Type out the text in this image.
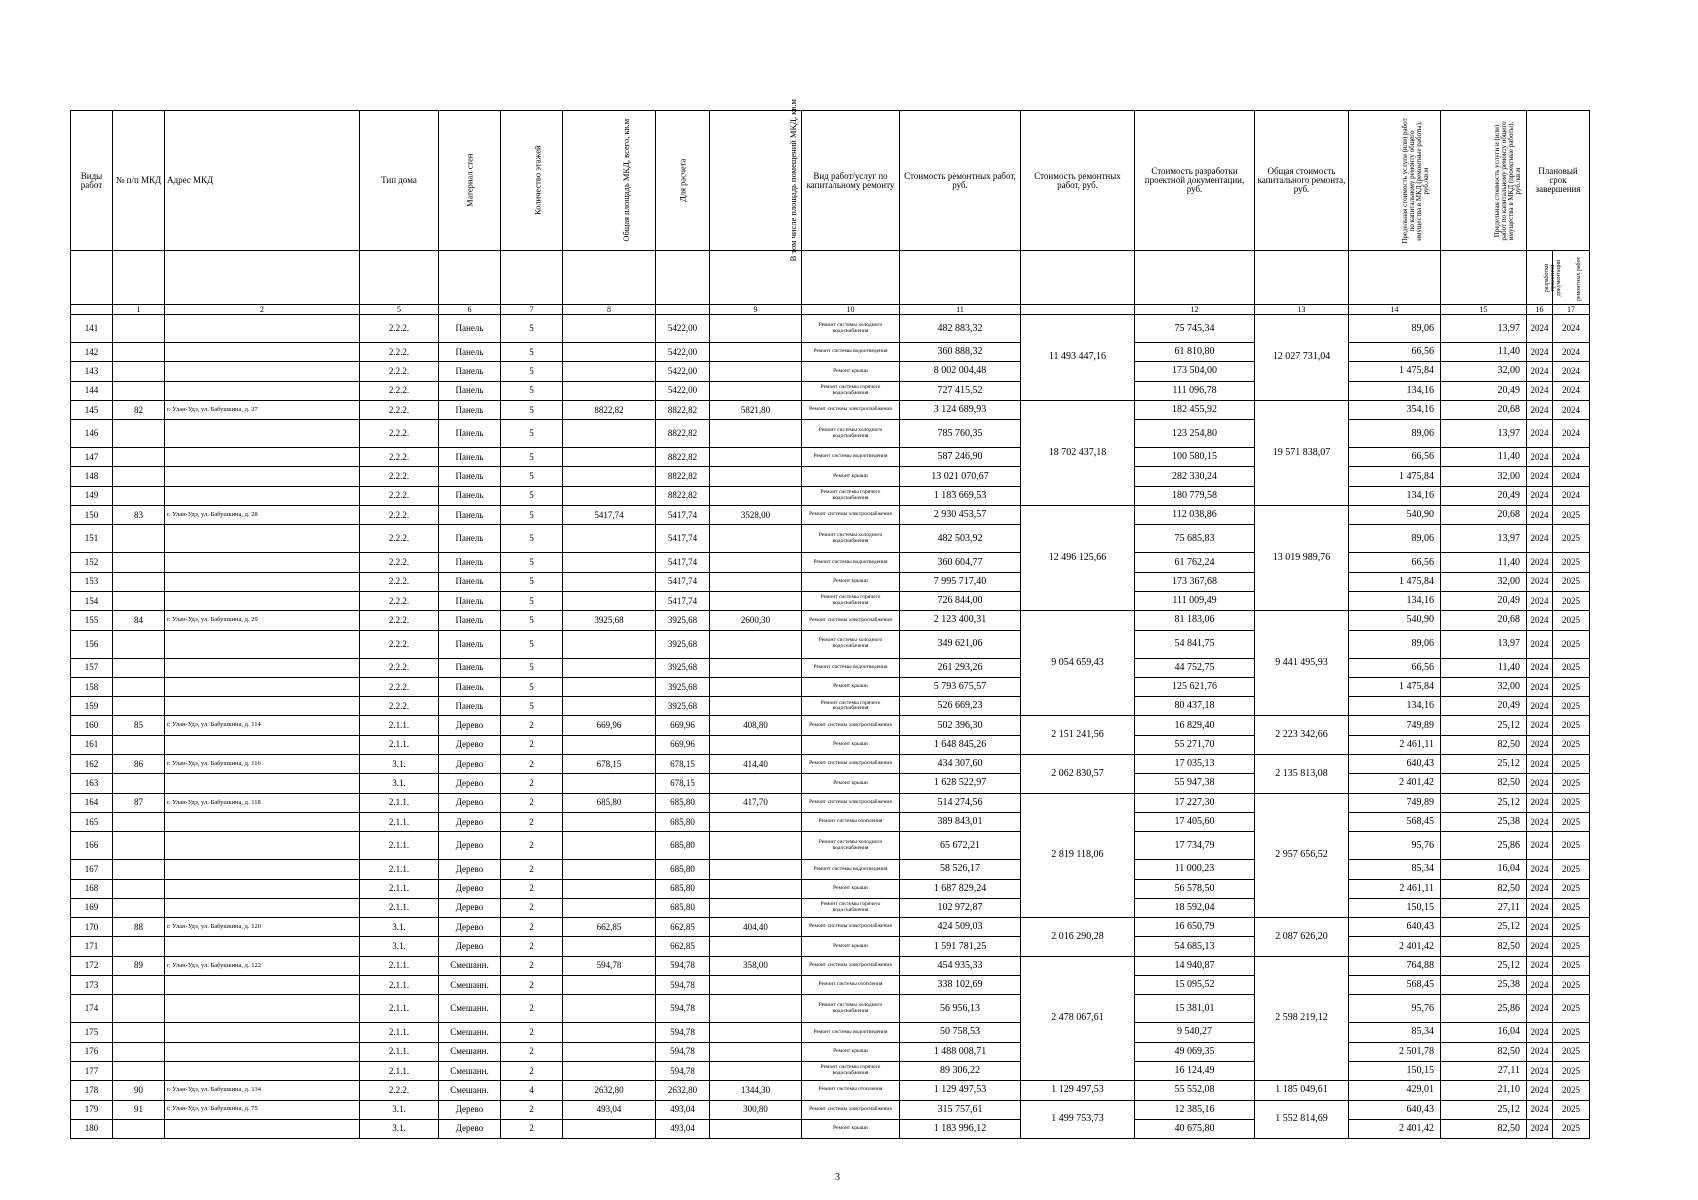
Виды работ	№ п/п МКД	Адрес МКД	Тип дома	Материал стен	Количество этажей	Общая площадь МКД, всего, кв.м	Для расчета	В том числе площадь помещений МКД, кв.м	Вид работ/услуг по капитальному ремонту	Стоимость ремонтных работ, руб.	Стоимость ремонтных работ, руб.	Стоимость разработки проектной документации, руб.	Общая стоимость капитального ремонта, руб.	Предельная стоимость услуги (или) работ по капитальному ремонту общего имущества в МКД (ремонтные работы), руб./кв.м	Предельная стоимость услуги и (или) работ по капитальному ремонту общего имущества в МКД (проектные работы), руб./кв.м	Плановый срок завершения	
																разработки проектной документации	ремонтных работ
	1	2	5	6	7	8		9	10	11		12	13	14	15	16	17
141			2.2.2.	Панель	5		5422,00		Ремонт системы холодного водоснабжения	482 883,32	11 493 447,16	75 745,34	12 027 731,04	89,06	13,97	2024	2024
142			2.2.2.	Панель	5		5422,00		Ремонт системы водоотведения	360 888,32		61 810,80		66,56	11,40	2024	2024
143			2.2.2.	Панель	5		5422,00		Ремонт крыши	8 002 004,48		173 504,00		1 475,84	32,00	2024	2024
144			2.2.2.	Панель	5		5422,00		Ремонт системы горячего водоснабжения	727 415,52		111 096,78		134,16	20,49	2024	2024
145	82	г. Улан-Удэ, ул. Бабушкина, д. 27	2.2.2.	Панель	5	8822,82	8822,82	5821,80	Ремонт системы электроснабжения	3 124 689,93	18 702 437,18	182 455,92	19 571 838,07	354,16	20,68	2024	2024
146			2.2.2.	Панель	5		8822,82		Ремонт системы холодного водоснабжения	785 760,35		123 254,80		89,06	13,97	2024	2024
147			2.2.2.	Панель	5		8822,82		Ремонт системы водоотведения	587 246,90		100 580,15		66,56	11,40	2024	2024
148			2.2.2.	Панель	5		8822,82		Ремонт крыши	13 021 070,67		282 330,24		1 475,84	32,00	2024	2024
149			2.2.2.	Панель	5		8822,82		Ремонт системы горячего водоснабжения	1 183 669,53		180 779,58		134,16	20,49	2024	2024
150	83	г. Улан-Удэ, ул. Бабушкина, д. 28	2.2.2.	Панель	5	5417,74	5417,74	3528,00	Ремонт системы электроснабжения	2 930 453,57	12 496 125,66	112 038,86	13 019 989,76	540,90	20,68	2024	2025
151			2.2.2.	Панель	5		5417,74		Ремонт системы холодного водоснабжения	482 503,92		75 685,83		89,06	13,97	2024	2025
152			2.2.2.	Панель	5		5417,74		Ремонт системы водоотведения	360 604,77		61 762,24		66,56	11,40	2024	2025
153			2.2.2.	Панель	5		5417,74		Ремонт крыши	7 995 717,40		173 367,68		1 475,84	32,00	2024	2025
154			2.2.2.	Панель	5		5417,74		Ремонт системы горячего водоснабжения	726 844,00		111 009,49		134,16	20,49	2024	2025
155	84	г. Улан-Удэ, ул. Бабушкина, д. 29	2.2.2.	Панель	5	3925,68	3925,68	2600,30	Ремонт системы электроснабжения	2 123 400,31	9 054 659,43	81 183,06	9 441 495,93	540,90	20,68	2024	2025
156			2.2.2.	Панель	5		3925,68		Ремонт системы холодного водоснабжения	349 621,06		54 841,75		89,06	13,97	2024	2025
157			2.2.2.	Панель	5		3925,68		Ремонт системы водоотведения	261 293,26		44 752,75		66,56	11,40	2024	2025
158			2.2.2.	Панель	5		3925,68		Ремонт крыши	5 793 675,57		125 621,76		1 475,84	32,00	2024	2025
159			2.2.2.	Панель	5		3925,68		Ремонт системы горячего водоснабжения	526 669,23		80 437,18		134,16	20,49	2024	2025
160	85	г. Улан-Удэ, ул. Бабушкина, д. 114	2.1.1.	Дерево	2	669,96	669,96	408,80	Ремонт системы электроснабжения	502 396,30	2 151 241,56	16 829,40	2 223 342,66	749,89	25,12	2024	2025
161			2.1.1.	Дерево	2		669,96		Ремонт крыши	1 648 845,26		55 271,70		2 461,11	82,50	2024	2025
162	86	г. Улан-Удэ, ул. Бабушкина, д. 116	3.1.	Дерево	2	678,15	678,15	414,40	Ремонт системы электроснабжения	434 307,60	2 062 830,57	17 035,13	2 135 813,08	640,43	25,12	2024	2025
163			3.1.	Дерево	2		678,15		Ремонт крыши	1 628 522,97		55 947,38		2 401,42	82,50	2024	2025
164	87	г. Улан-Удэ, ул. Бабушкина, д. 118	2.1.1.	Дерево	2	685,80	685,80	417,70	Ремонт системы электроснабжения	514 274,56	2 819 118,06	17 227,30	2 957 656,52	749,89	25,12	2024	2025
165			2.1.1.	Дерево	2		685,80		Ремонт системы отопления	389 843,01		17 405,60		568,45	25,38	2024	2025
166			2.1.1.	Дерево	2		685,80		Ремонт системы холодного водоснабжения	65 672,21		17 734,79		95,76	25,86	2024	2025
167			2.1.1.	Дерево	2		685,80		Ремонт системы водоотведения	58 526,17		11 000,23		85,34	16,04	2024	2025
168			2.1.1.	Дерево	2		685,80		Ремонт крыши	1 687 829,24		56 578,50		2 461,11	82,50	2024	2025
169			2.1.1.	Дерево	2		685,80		Ремонт системы горячего водоснабжения	102 972,87		18 592,04		150,15	27,11	2024	2025
170	88	г. Улан-Удэ, ул. Бабушкина, д. 120	3.1.	Дерево	2	662,85	662,85	404,40	Ремонт системы электроснабжения	424 509,03	2 016 290,28	16 650,79	2 087 626,20	640,43	25,12	2024	2025
171			3.1.	Дерево	2		662,85		Ремонт крыши	1 591 781,25		54 685,13		2 401,42	82,50	2024	2025
172	89	г. Улан-Удэ, ул. Бабушкина, д. 122	2.1.1.	Смешанн.	2	594,78	594,78	358,00	Ремонт системы электроснабжения	454 935,33	2 478 067,61	14 940,87	2 598 219,12	764,88	25,12	2024	2025
173			2.1.1.	Смешанн.	2		594,78		Ремонт системы отопления	338 102,69		15 095,52		568,45	25,38	2024	2025
174			2.1.1.	Смешанн.	2		594,78		Ремонт системы холодного водоснабжения	56 956,13		15 381,01		95,76	25,86	2024	2025
175			2.1.1.	Смешанн.	2		594,78		Ремонт системы водоотведения	50 758,53		9 540,27		85,34	16,04	2024	2025
176			2.1.1.	Смешанн.	2		594,78		Ремонт крыши	1 488 008,71		49 069,35		2 501,78	82,50	2024	2025
177			2.1.1.	Смешанн.	2		594,78		Ремонт системы горячего водоснабжения	89 306,22		16 124,49		150,15	27,11	2024	2025
178	90	г. Улан-Удэ, ул. Бабушкина, д. 134	2.2.2.	Смешанн.	4	2632,80	2632,80	1344,30	Ремонт системы отопления	1 129 497,53	1 129 497,53	55 552,08	1 185 049,61	429,01	21,10	2024	2025
179	91	г. Улан-Удэ, ул. Бабушкина, д. 75	3.1.	Дерево	2	493,04	493,04	300,80	Ремонт системы электроснабжения	315 757,61	1 499 753,73	12 385,16	1 552 814,69	640,43	25,12	2024	2025
180			3.1.	Дерево	2		493,04		Ремонт крыши	1 183 996,12		40 675,80		2 401,42	82,50	2024	2025
3
